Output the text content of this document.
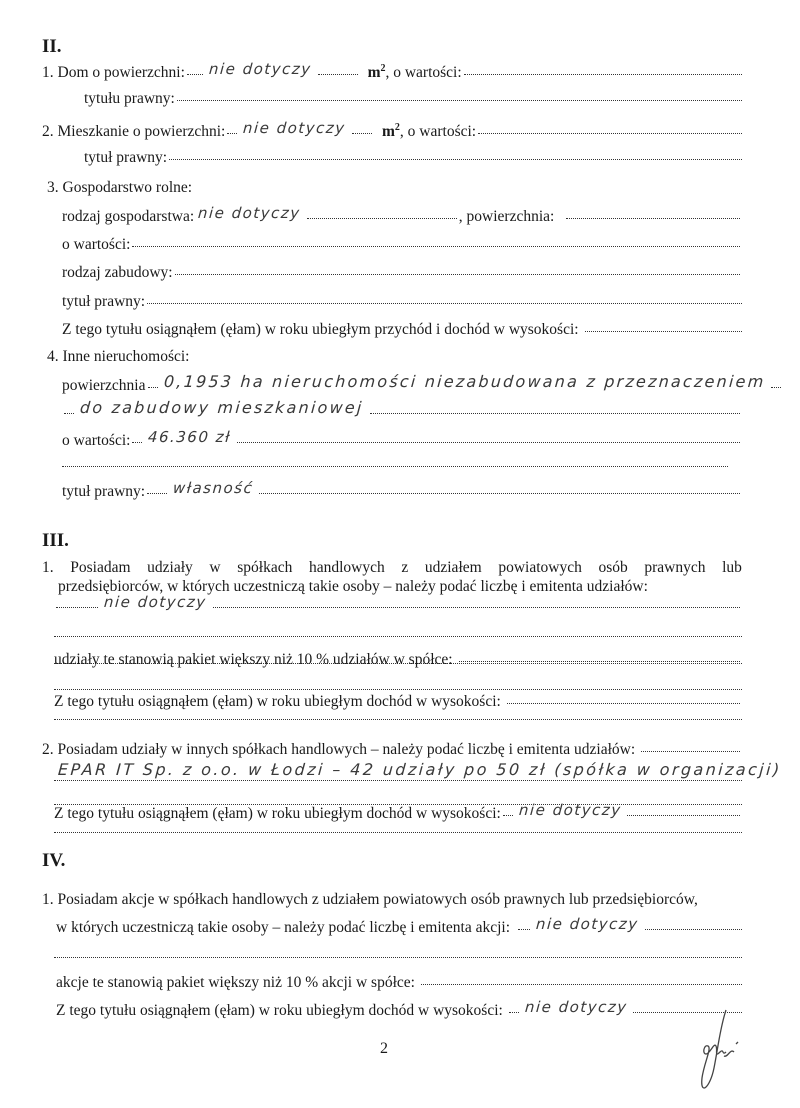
II.
1. Dom o powierzchni: nie dotyczy	$m^2$ , o wartości:
tytułu prawny:
2. Mieszkanie o powierzchni: nie dotyczy $m^2$ , o wartości:
tytuł prawny:
3. Gospodarstwo rolne:
rodzaj gospodarstwa: nie dotyczy	, powierzchnia:
o wartości:
rodzaj zabudowy:
tytuł prawny:
Z tego tytułu osiągnąłem (ęłam) w roku ubiegłym przychód i dochód w wysokości:
4. Inne nieruchomości:
powierzchnia 0,1953 ha nieruchomości niezabudowana z przeznaczeniem
do zabudowy mieszkaniowej
o wartości: 46.360 zł
tytuł prawny: własność
III.
1. Posiadam udziały w spółkach handlowych z udziałem powiatowych osób prawnych lub
przedsiębiorców, w których uczestniczą takie osoby – należy podać liczbę i emitenta udziałów:
nie dotyczy
udziały te stanowią pakiet większy niż 10 % udziałów w spółce:
Z tego tytułu osiągnąłem (ęłam) w roku ubiegłym dochód w wysokości:
2. Posiadam udziały w innych spółkach handlowych – należy podać liczbę i emitenta udziałów:
EPAR IT Sp. z o.o. w Łodzi – 42 udziały po 50 zł (spółka w organizacji)
Z tego tytułu osiągnąłem (ęłam) w roku ubiegłym dochód w wysokości: nie dotyczy
IV.
1. Posiadam akcje w spółkach handlowych z udziałem powiatowych osób prawnych lub przedsiębiorców,
w których uczestniczą takie osoby – należy podać liczbę i emitenta akcji: nie dotyczy
akcje te stanowią pakiet większy niż 10 % akcji w spółce:
Z tego tytułu osiągnąłem (ęłam) w roku ubiegłym dochód w wysokości: nie dotyczy
2
